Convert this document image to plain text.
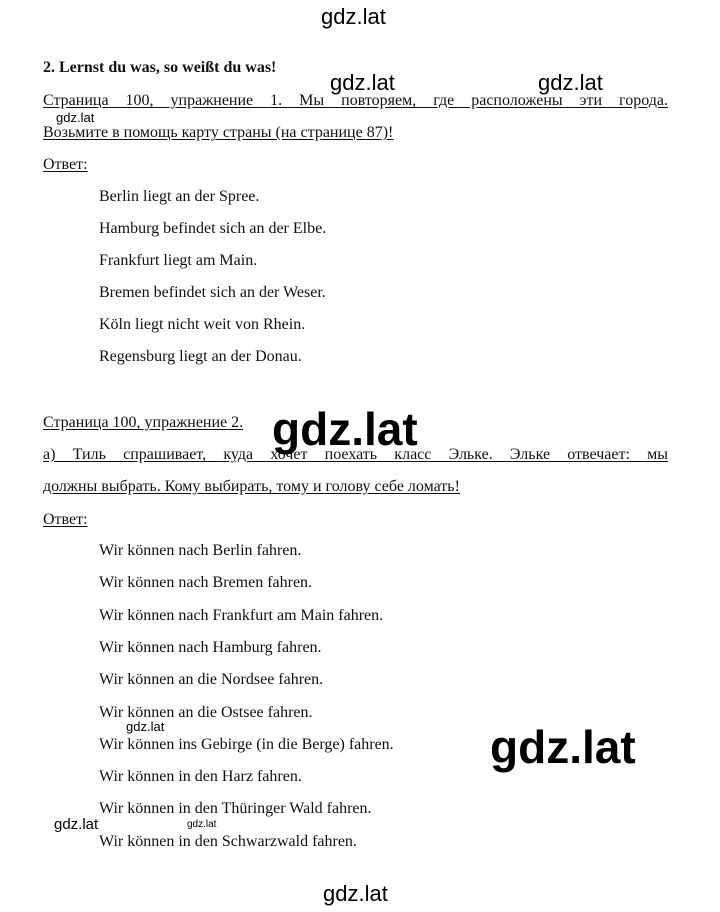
gdz.lat
gdz.lat	gdz.lat
gdz.lat
2. Lernst du was, so weißt du was!
Страница 100, упражнение 1. Мы повторяем, где расположены эти города.
Возьмите в помощь карту страны (на странице 87)!
Ответ:
Berlin liegt an der Spree.
Hamburg befindet sich an der Elbe.
Frankfurt liegt am Main.
Bremen befindet sich an der Weser.
Köln liegt nicht weit von Rhein.
Regensburg liegt an der Donau.
Страница 100, упражнение 2.
а) Тиль спрашивает, куда хочет поехать класс Эльке. Эльке отвечает: мы
должны выбрать. Кому выбирать, тому и голову себе ломать!
Ответ:
Wir können nach Berlin fahren.
Wir können nach Bremen fahren.
Wir können nach Frankfurt am Main fahren.
Wir können nach Hamburg fahren.
Wir können an die Nordsee fahren.
Wir können an die Ostsee fahren.
Wir können ins Gebirge (in die Berge) fahren.
Wir können in den Harz fahren.
Wir können in den Thüringer Wald fahren.
Wir können in den Schwarzwald fahren.
gdz.lat
gdz.lat	gdz.lat
gdz.lat	gdz.lat
gdz.lat
